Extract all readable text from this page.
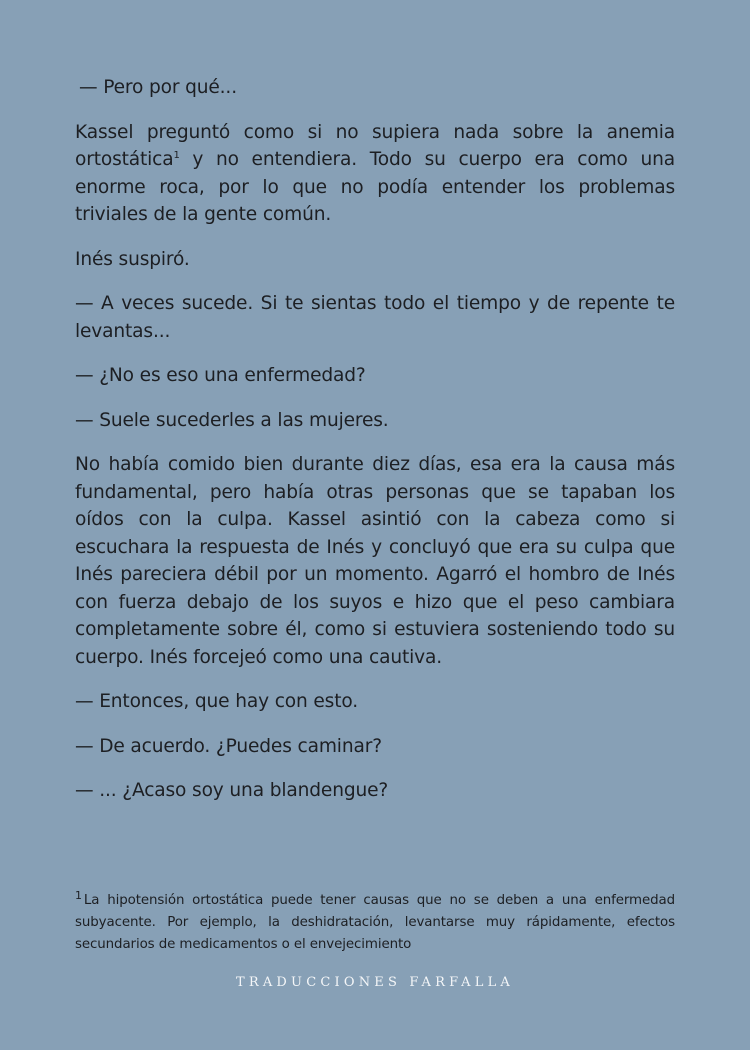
— Pero por qué...

Kassel preguntó como si no supiera nada sobre la anemia ortostática$^1$ y no entendiera. Todo su cuerpo era como una enorme roca, por lo que no podía entender los problemas triviales de la gente común.

Inés suspiró.

— A veces sucede. Si te sientas todo el tiempo y de repente te levantas...

— ¿No es eso una enfermedad?

— Suele sucederles a las mujeres.

No había comido bien durante diez días, esa era la causa más fundamental, pero había otras personas que se tapaban los oídos con la culpa. Kassel asintió con la cabeza como si escuchara la respuesta de Inés y concluyó que era su culpa que Inés pareciera débil por un momento. Agarró el hombro de Inés con fuerza debajo de los suyos e hizo que el peso cambiara completamente sobre él, como si estuviera sosteniendo todo su cuerpo. Inés forcejeó como una cautiva.

— Entonces, que hay con esto.

— De acuerdo. ¿Puedes caminar?

— ... ¿Acaso soy una blandengue?

$^1$ La hipotensión ortostática puede tener causas que no se deben a una enfermedad subyacente. Por ejemplo, la deshidratación, levantarse muy rápidamente, efectos secundarios de medicamentos o el envejecimiento
TRADUCCIONES FARFALLA
